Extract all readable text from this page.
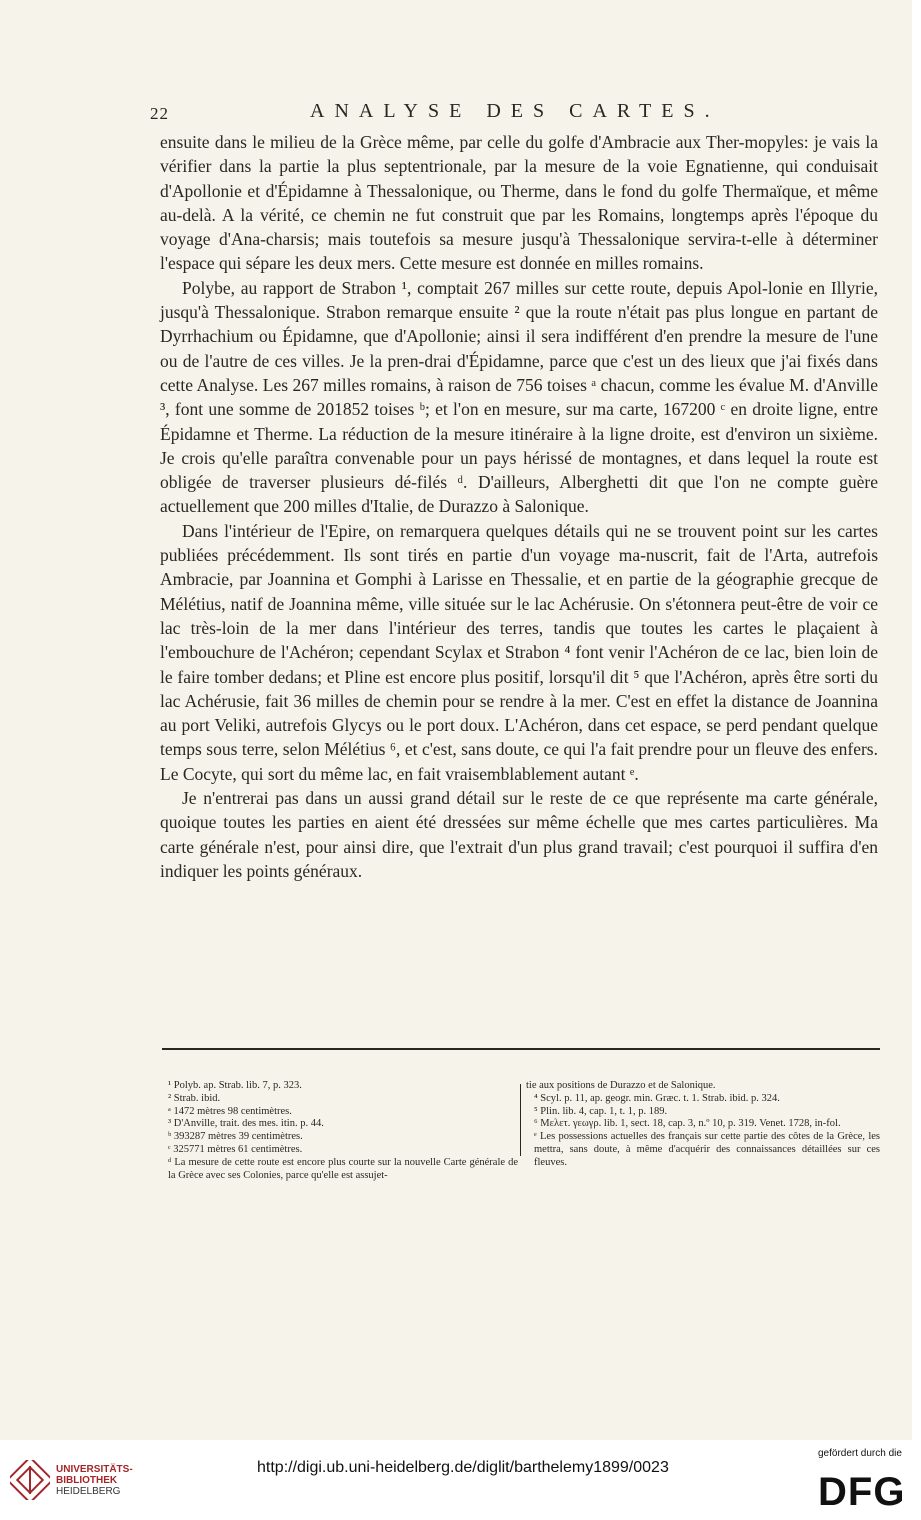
22	ANALYSE DES CARTES.

ensuite dans le milieu de la Grèce même, par celle du golfe d'Ambracie aux Ther-mopyles: je vais la vérifier dans la partie la plus septentrionale, par la mesure de la voie Egnatienne, qui conduisait d'Apollonie et d'Épidamne à Thessalonique, ou Therme, dans le fond du golfe Thermaïque, et même au-delà. A la vérité, ce chemin ne fut construit que par les Romains, longtemps après l'époque du voyage d'Ana-charsis; mais toutefois sa mesure jusqu'à Thessalonique servira-t-elle à déterminer l'espace qui sépare les deux mers. Cette mesure est donnée en milles romains.

Polybe, au rapport de Strabon ¹, comptait 267 milles sur cette route, depuis Apol-lonie en Illyrie, jusqu'à Thessalonique. Strabon remarque ensuite ² que la route n'était pas plus longue en partant de Dyrrhachium ou Épidamne, que d'Apollonie; ainsi il sera indifférent d'en prendre la mesure de l'une ou de l'autre de ces villes. Je la pren-drai d'Épidamne, parce que c'est un des lieux que j'ai fixés dans cette Analyse. Les 267 milles romains, à raison de 756 toises ᵃ chacun, comme les évalue M. d'Anville ³, font une somme de 201852 toises ᵇ; et l'on en mesure, sur ma carte, 167200 ᶜ en droite ligne, entre Épidamne et Therme. La réduction de la mesure itinéraire à la ligne droite, est d'environ un sixième. Je crois qu'elle paraîtra convenable pour un pays hérissé de montagnes, et dans lequel la route est obligée de traverser plusieurs dé-filés ᵈ. D'ailleurs, Alberghetti dit que l'on ne compte guère actuellement que 200 milles d'Italie, de Durazzo à Salonique.

Dans l'intérieur de l'Epire, on remarquera quelques détails qui ne se trouvent point sur les cartes publiées précédemment. Ils sont tirés en partie d'un voyage ma-nuscrit, fait de l'Arta, autrefois Ambracie, par Joannina et Gomphi à Larisse en Thessalie, et en partie de la géographie grecque de Mélétius, natif de Joannina même, ville située sur le lac Achérusie. On s'étonnera peut-être de voir ce lac très-loin de la mer dans l'intérieur des terres, tandis que toutes les cartes le plaçaient à l'embouchure de l'Achéron; cependant Scylax et Strabon ⁴ font venir l'Achéron de ce lac, bien loin de le faire tomber dedans; et Pline est encore plus positif, lorsqu'il dit ⁵ que l'Achéron, après être sorti du lac Achérusie, fait 36 milles de chemin pour se rendre à la mer. C'est en effet la distance de Joannina au port Veliki, autrefois Glycys ou le port doux. L'Achéron, dans cet espace, se perd pendant quelque temps sous terre, selon Mélétius ⁶, et c'est, sans doute, ce qui l'a fait prendre pour un fleuve des enfers. Le Cocyte, qui sort du même lac, en fait vraisemblablement autant ᵉ.

Je n'entrerai pas dans un aussi grand détail sur le reste de ce que représente ma carte générale, quoique toutes les parties en aient été dressées sur même échelle que mes cartes particulières. Ma carte générale n'est, pour ainsi dire, que l'extrait d'un plus grand travail; c'est pourquoi il suffira d'en indiquer les points généraux.

¹ Polyb. ap. Strab. lib. 7, p. 323.

² Strab. ibid.

ᵃ 1472 mètres 98 centimètres.

³ D'Anville, trait. des mes. itin. p. 44.

ᵇ 393287 mètres 39 centimètres.

ᶜ 325771 mètres 61 centimètres.

ᵈ La mesure de cette route est encore plus courte sur la nouvelle Carte générale de la Grèce avec ses Colonies, parce qu'elle est assujet-

tie aux positions de Durazzo et de Salonique.

⁴ Scyl. p. 11, ap. geogr. min. Græc. t. 1. Strab. ibid. p. 324.

⁵ Plin. lib. 4, cap. 1, t. 1, p. 189.

⁶ Μελετ. γεωγρ. lib. 1, sect. 18, cap. 3, n.º 10, p. 319. Venet. 1728, in-fol.

ᵉ Les possessions actuelles des français sur cette partie des côtes de la Grèce, les mettra, sans doute, à même d'acquérir des connaissances détaillées sur ces fleuves.

UNIVERSITÄTS-
BIBLIOTHEK
HEIDELBERG
http://digi.ub.uni-heidelberg.de/diglit/barthelemy1899/0023
gefördert durch die
DFG
